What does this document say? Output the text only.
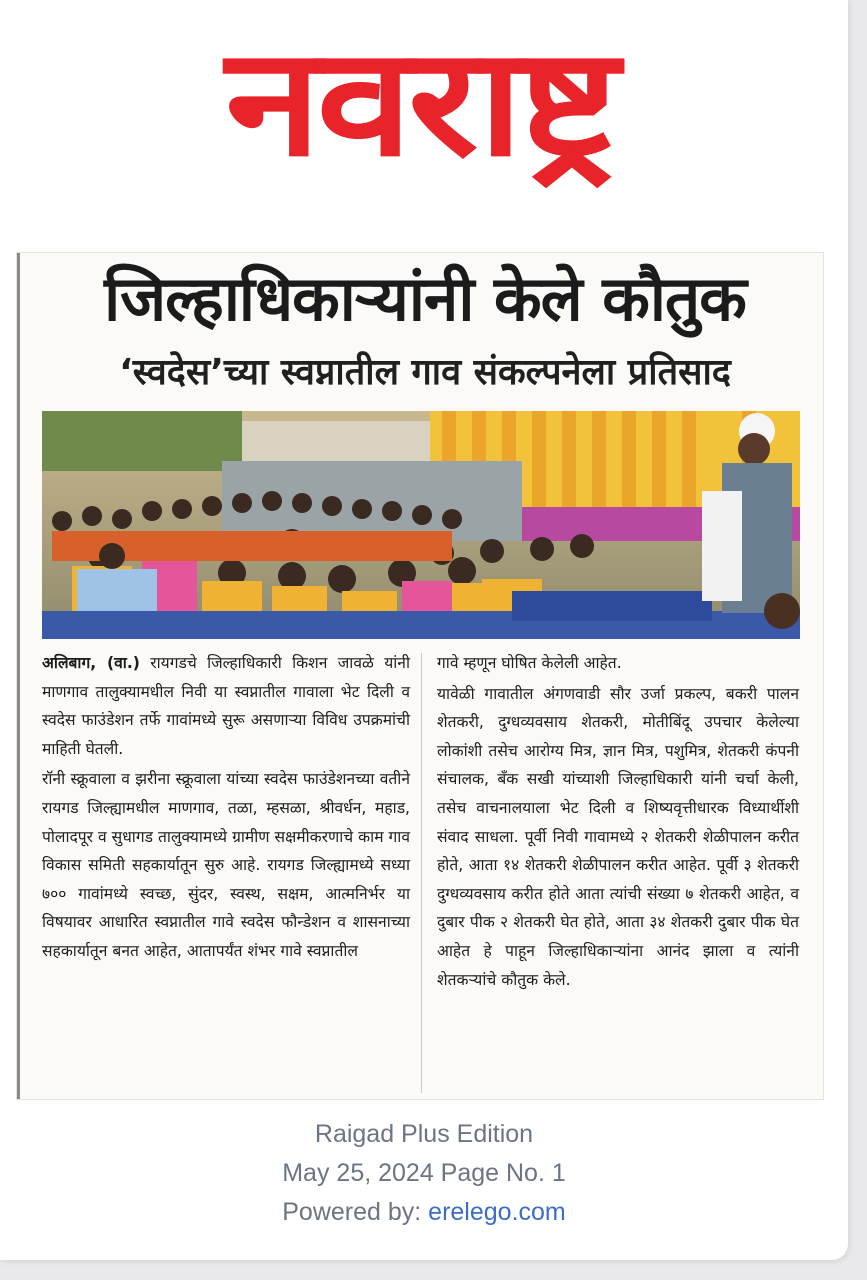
नवराष्ट्र
जिल्हाधिकाऱ्यांनी केले कौतुक
‘स्वदेस’च्या स्वप्नातील गाव संकल्पनेला प्रतिसाद

अलिबाग, (वा.) रायगडचे जिल्हाधिकारी किशन जावळे यांनी माणगाव तालुक्यामधील निवी या स्वप्नातील गावाला भेट दिली व स्वदेस फाउंडेशन तर्फे गावांमध्ये सुरू असणाऱ्या विविध उपक्रमांची माहिती घेतली.

रॉनी स्क्रूवाला व झरीना स्क्रूवाला यांच्या स्वदेस फाउंडेशनच्या वतीने रायगड जिल्ह्यामधील माणगाव, तळा, म्हसळा, श्रीवर्धन, महाड, पोलादपूर व सुधागड तालुक्यामध्ये ग्रामीण सक्षमीकरणाचे काम गाव विकास समिती सहकार्यातून सुरु आहे. रायगड जिल्ह्यामध्ये सध्या ७०० गावांमध्ये स्वच्छ, सुंदर, स्वस्थ, सक्षम, आत्मनिर्भर या विषयावर आधारित स्वप्नातील गावे स्वदेस फौन्डेशन व शासनाच्या सहकार्यातून बनत आहेत, आतापर्यंत शंभर गावे स्वप्नातील

गावे म्हणून घोषित केलेली आहेत.

यावेळी गावातील अंगणवाडी सौर उर्जा प्रकल्प, बकरी पालन शेतकरी, दुग्धव्यवसाय शेतकरी, मोतीबिंदू उपचार केलेल्या लोकांशी तसेच आरोग्य मित्र, ज्ञान मित्र, पशुमित्र, शेतकरी कंपनी संचालक, बँक सखी यांच्याशी जिल्हाधिकारी यांनी चर्चा केली, तसेच वाचनालयाला भेट दिली व शिष्यवृत्तीधारक विध्यार्थीशी संवाद साधला. पूर्वी निवी गावामध्ये २ शेतकरी शेळीपालन करीत होते, आता १४ शेतकरी शेळीपालन करीत आहेत. पूर्वी ३ शेतकरी दुग्धव्यवसाय करीत होते आता त्यांची संख्या ७ शेतकरी आहेत, व दुबार पीक २ शेतकरी घेत होते, आता ३४ शेतकरी दुबार पीक घेत आहेत हे पाहून जिल्हाधिकाऱ्यांना आनंद झाला व त्यांनी शेतकऱ्यांचे कौतुक केले.

Raigad Plus Edition
May 25, 2024 Page No. 1
Powered by: erelego.com
